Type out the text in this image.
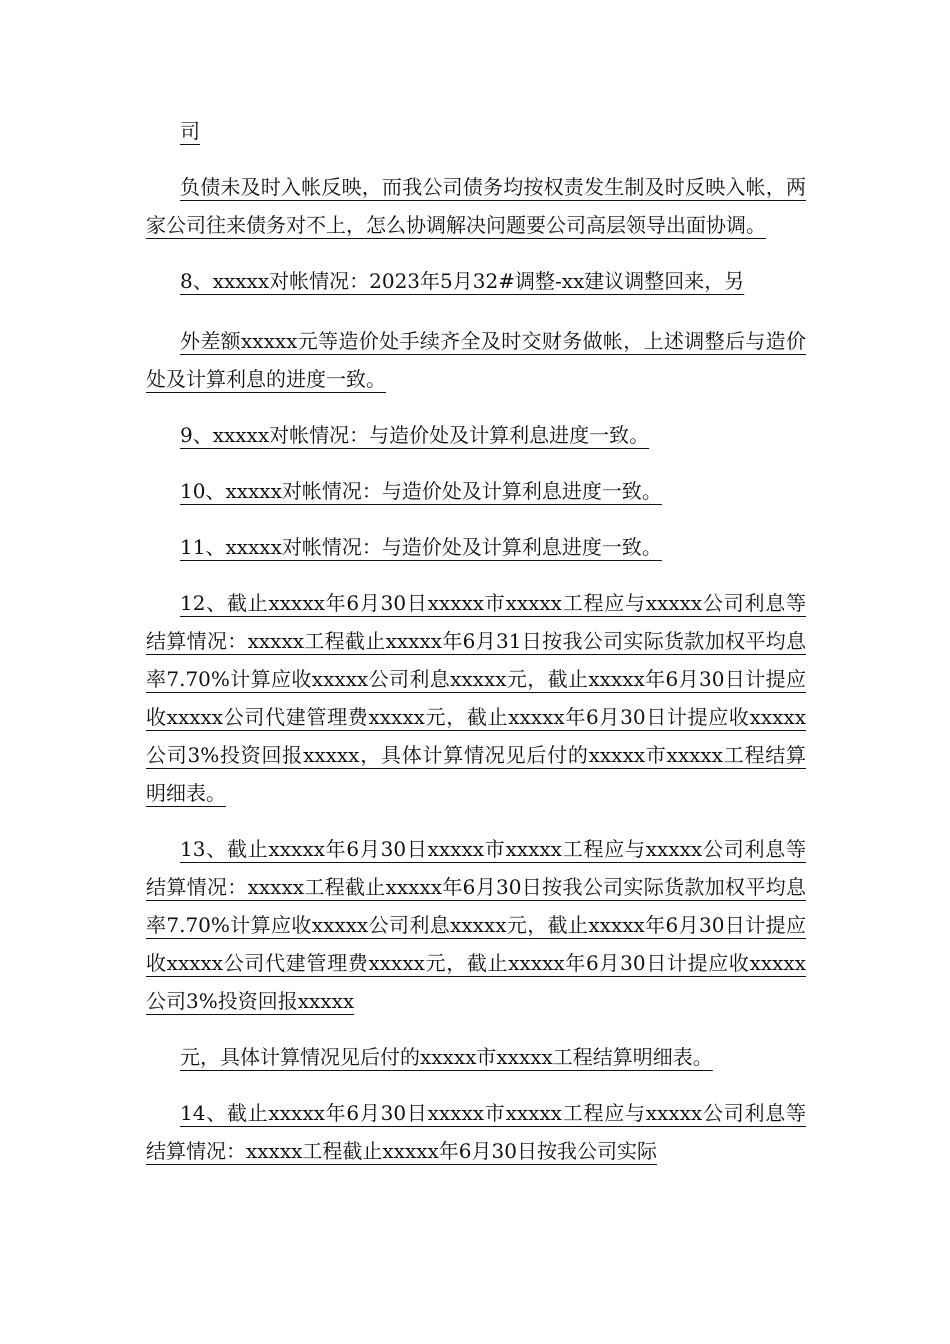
司

负债未及时入帐反映，而我公司债务均按权责发生制及时反映入帐，两家公司往来债务对不上，怎么协调解决问题要公司高层领导出面协调。

8、xxxxx对帐情况：2023年5月32#调整-xx建议调整回来，另

外差额xxxxx元等造价处手续齐全及时交财务做帐，上述调整后与造价处及计算利息的进度一致。

9、xxxxx对帐情况：与造价处及计算利息进度一致。

10、xxxxx对帐情况：与造价处及计算利息进度一致。

11、xxxxx对帐情况：与造价处及计算利息进度一致。

12、截止xxxxx年6月30日xxxxx市xxxxx工程应与xxxxx公司利息等结算情况：xxxxx工程截止xxxxx年6月31日按我公司实际货款加权平均息率7.70%计算应收xxxxx公司利息xxxxx元，截止xxxxx年6月30日计提应收xxxxx公司代建管理费xxxxx元，截止xxxxx年6月30日计提应收xxxxx公司3%投资回报xxxxx，具体计算情况见后付的xxxxx市xxxxx工程结算明细表。

13、截止xxxxx年6月30日xxxxx市xxxxx工程应与xxxxx公司利息等结算情况：xxxxx工程截止xxxxx年6月30日按我公司实际货款加权平均息率7.70%计算应收xxxxx公司利息xxxxx元，截止xxxxx年6月30日计提应收xxxxx公司代建管理费xxxxx元，截止xxxxx年6月30日计提应收xxxxx公司3%投资回报xxxxx

元，具体计算情况见后付的xxxxx市xxxxx工程结算明细表。

14、截止xxxxx年6月30日xxxxx市xxxxx工程应与xxxxx公司利息等结算情况：xxxxx工程截止xxxxx年6月30日按我公司实际
